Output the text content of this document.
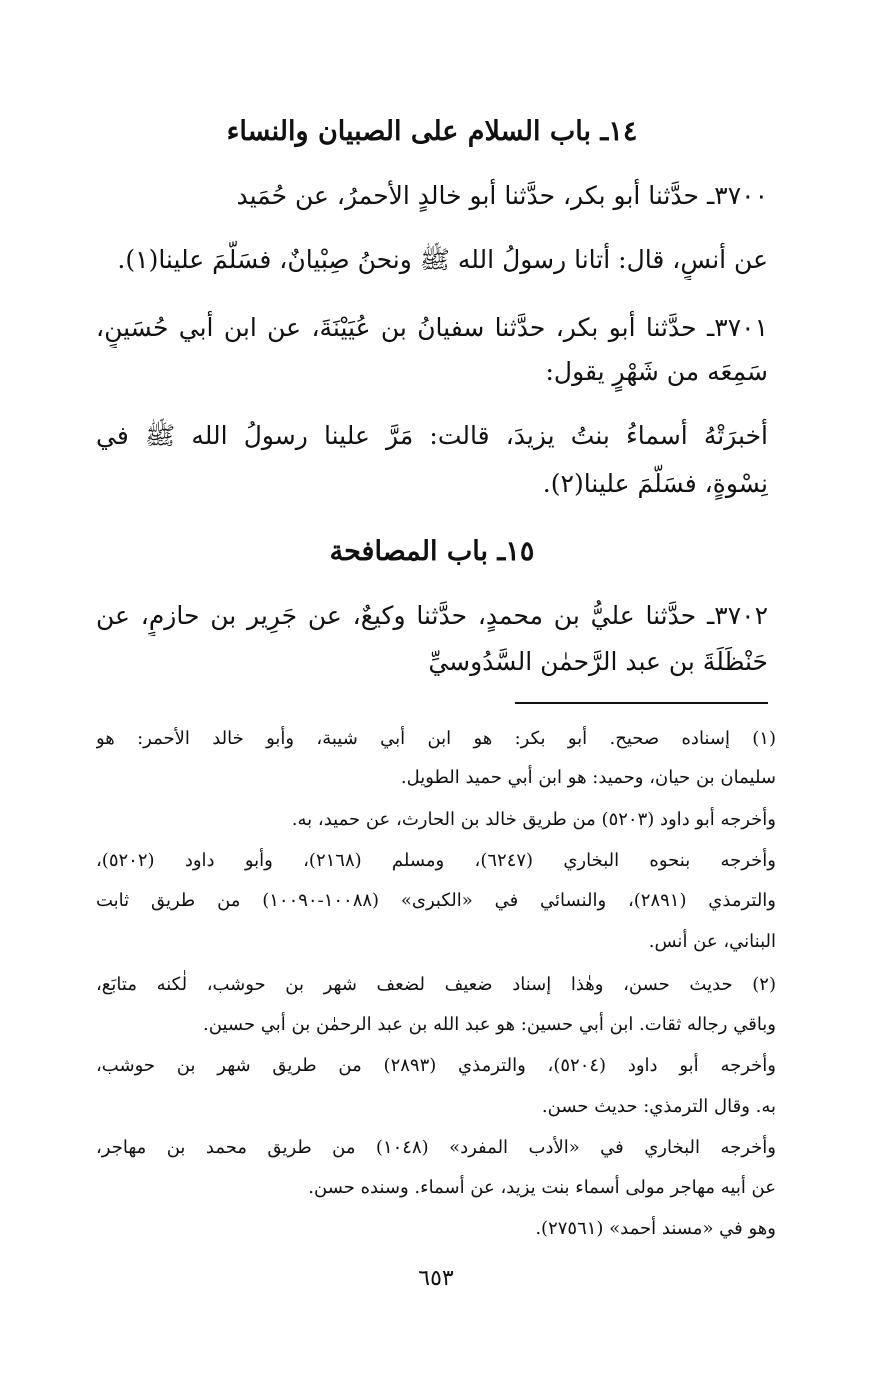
١٤ـ باب السلام على الصبيان والنساء
٣٧٠٠ـ حدَّثنا أبو بكر، حدَّثنا أبو خالدٍ الأحمرُ، عن حُمَيد
عن أنسٍ، قال: أتانا رسولُ الله ﷺ ونحنُ صِبْيانٌ، فسَلَّمَ علينا(١).
٣٧٠١ـ حدَّثنا أبو بكر، حدَّثنا سفيانُ بن عُيَيْنَةَ، عن ابن أبي حُسَينٍ،
سَمِعَه من شَهْرٍ يقول:
أخبرَتْهُ أسماءُ بنتُ يزيدَ، قالت: مَرَّ علينا رسولُ الله ﷺ في
نِسْوةٍ، فسَلَّمَ علينا(٢).
١٥ـ باب المصافحة
٣٧٠٢ـ حدَّثنا عليُّ بن محمدٍ، حدَّثنا وكيعٌ، عن جَرِير بن حازمٍ، عن
حَنْظَلَةَ بن عبد الرَّحمٰن السَّدُوسيِّ
(١) إسناده صحيح. أبو بكر: هو ابن أبي شيبة، وأبو خالد الأحمر: هو
سليمان بن حيان، وحميد: هو ابن أبي حميد الطويل.
وأخرجه أبو داود (٥٢٠٣) من طريق خالد بن الحارث، عن حميد، به.
وأخرجه بنحوه البخاري (٦٢٤٧)، ومسلم (٢١٦٨)، وأبو داود (٥٢٠٢)،
والترمذي (٢٨٩١)، والنسائي في «الكبرى» (١٠٠٨٨-١٠٠٩٠) من طريق ثابت
البناني، عن أنس.
(٢) حديث حسن، وهٰذا إسناد ضعيف لضعف شهر بن حوشب، لٰكنه متابَع،
وباقي رجاله ثقات. ابن أبي حسين: هو عبد الله بن عبد الرحمٰن بن أبي حسين.
وأخرجه أبو داود (٥٢٠٤)، والترمذي (٢٨٩٣) من طريق شهر بن حوشب،
به. وقال الترمذي: حديث حسن.
وأخرجه البخاري في «الأدب المفرد» (١٠٤٨) من طريق محمد بن مهاجر،
عن أبيه مهاجر مولى أسماء بنت يزيد، عن أسماء. وسنده حسن.
وهو في «مسند أحمد» (٢٧٥٦١).
٦٥٣
